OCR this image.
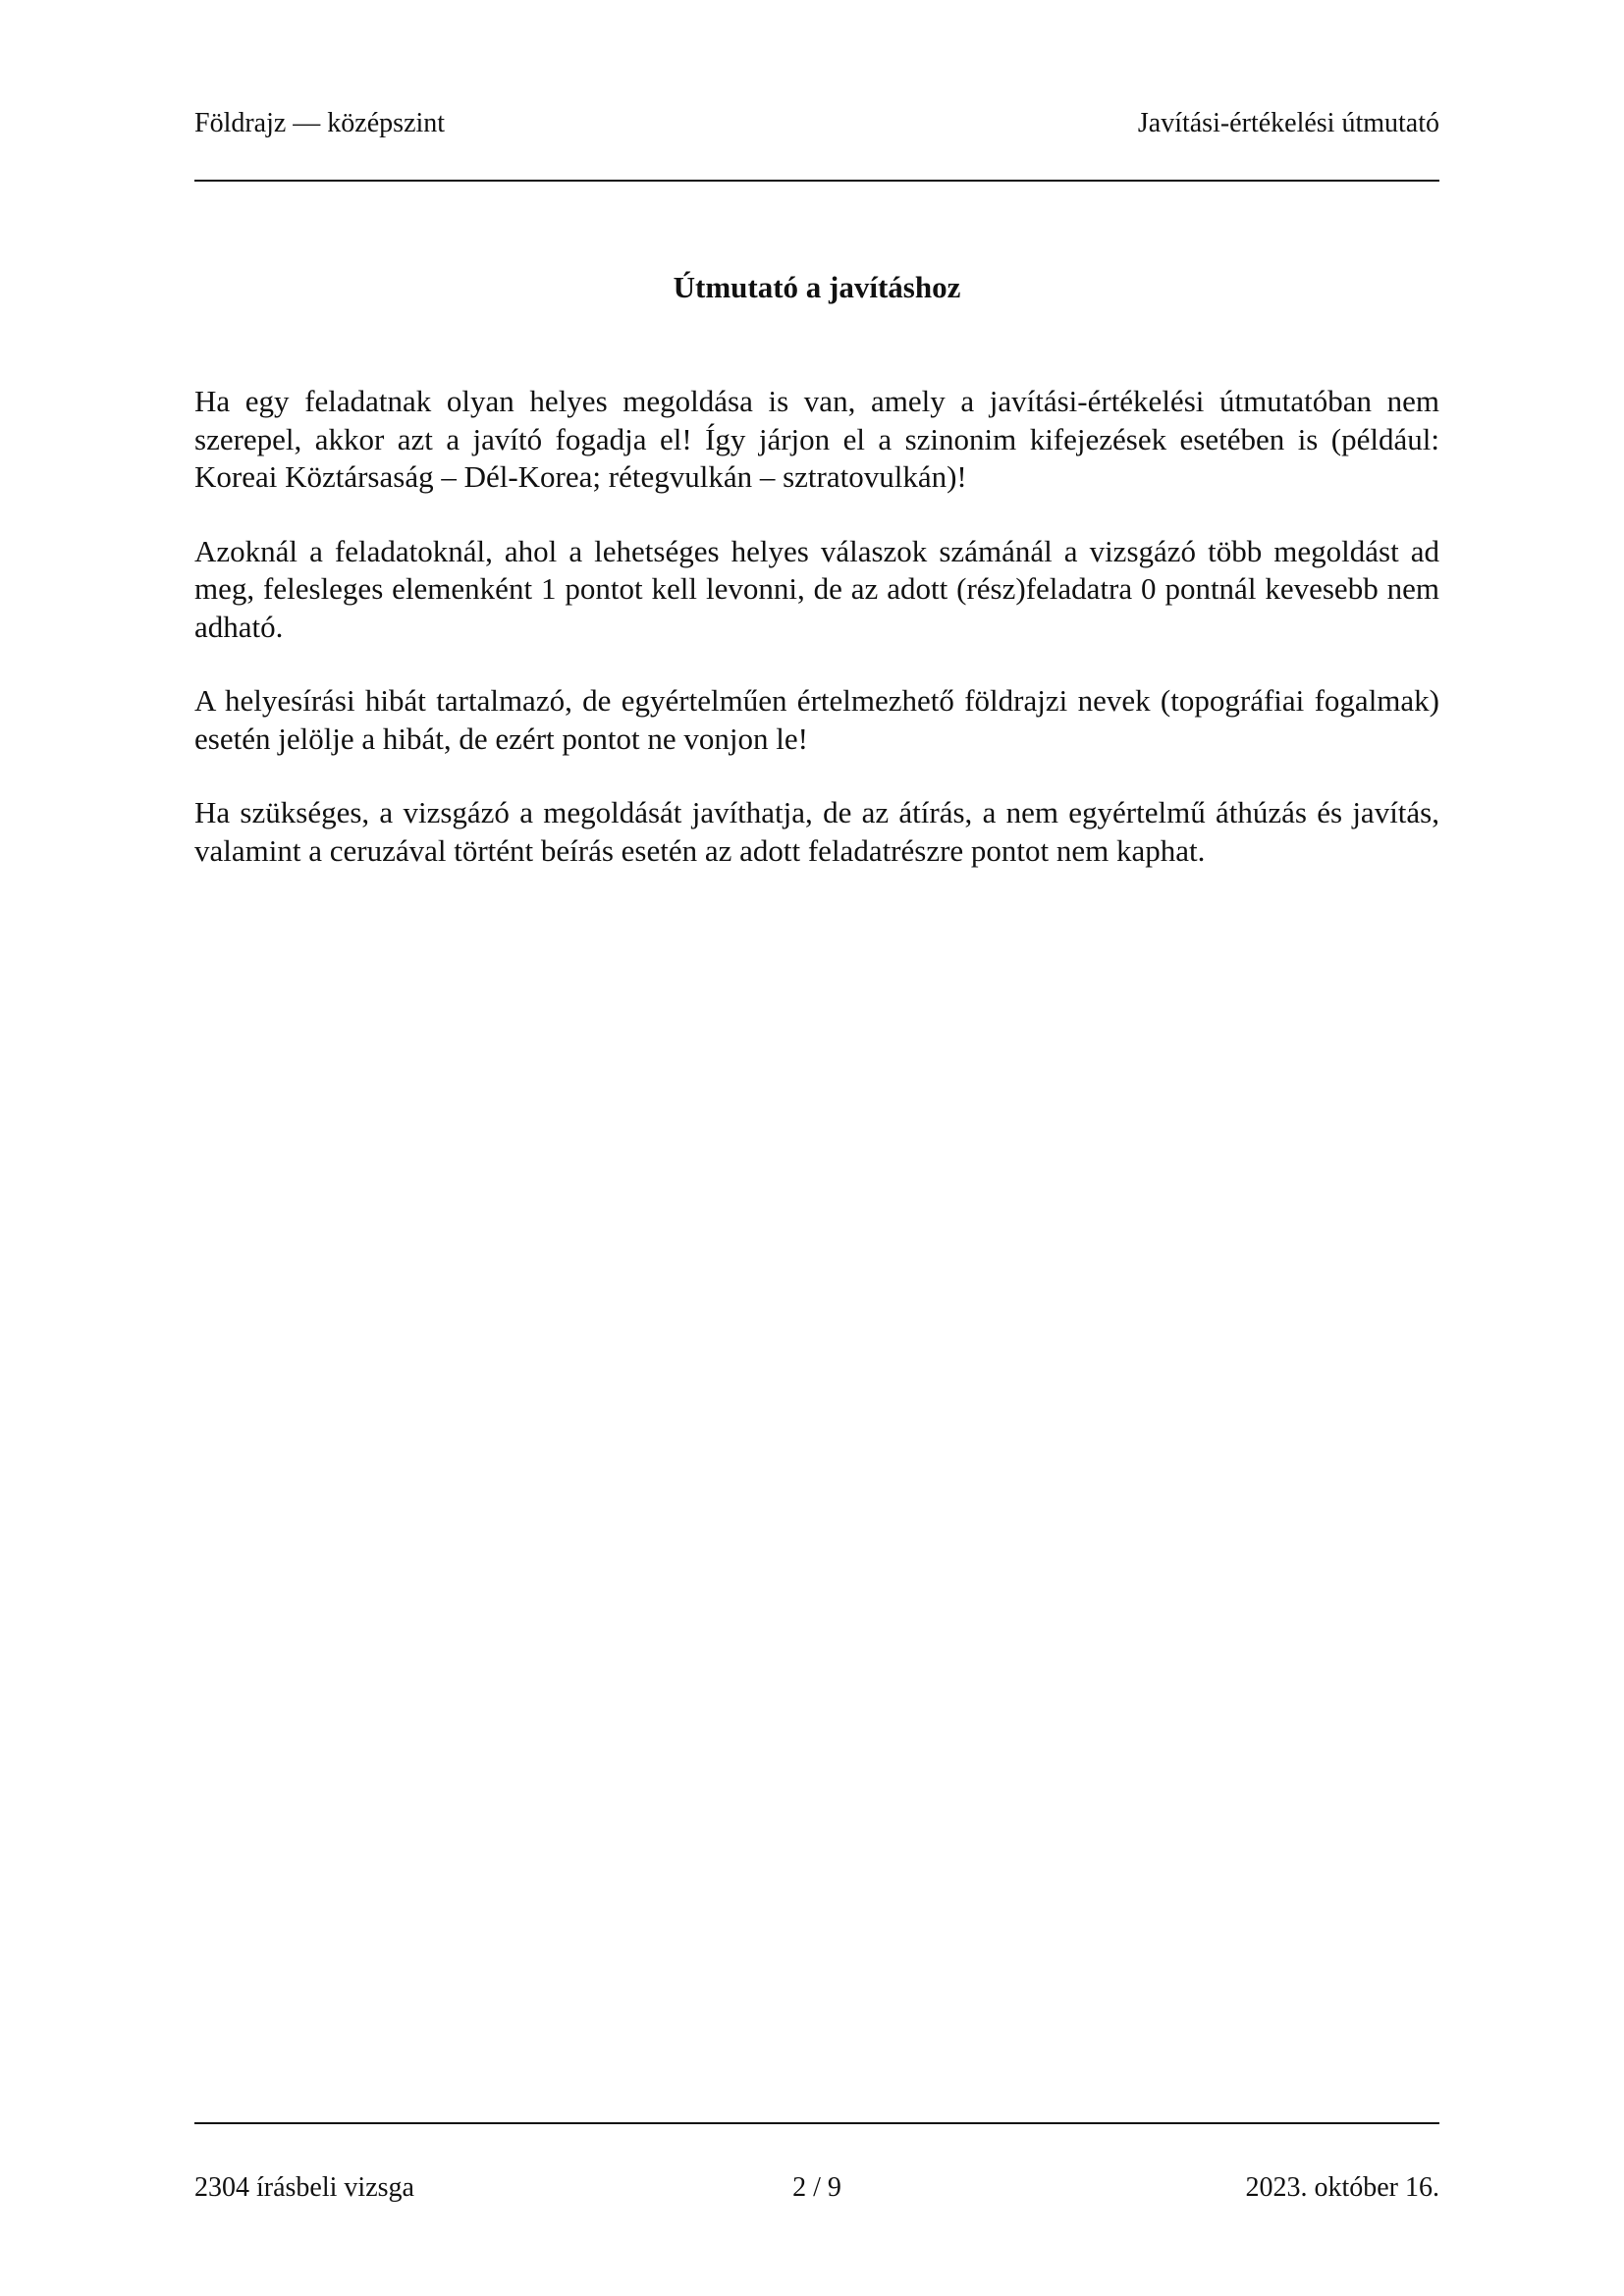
Földrajz — középszint	Javítási-értékelési útmutató
Útmutató a javításhoz

Ha egy feladatnak olyan helyes megoldása is van, amely a javítási-értékelési útmutatóban nem szerepel, akkor azt a javító fogadja el! Így járjon el a szinonim kifejezések esetében is (például: Koreai Köztársaság – Dél-Korea; rétegvulkán – sztratovulkán)!

Azoknál a feladatoknál, ahol a lehetséges helyes válaszok számánál a vizsgázó több megoldást ad meg, felesleges elemenként 1 pontot kell levonni, de az adott (rész)feladatra 0 pontnál kevesebb nem adható.

A helyesírási hibát tartalmazó, de egyértelműen értelmezhető földrajzi nevek (topográfiai fogalmak) esetén jelölje a hibát, de ezért pontot ne vonjon le!

Ha szükséges, a vizsgázó a megoldását javíthatja, de az átírás, a nem egyértelmű áthúzás és javítás, valamint a ceruzával történt beírás esetén az adott feladatrészre pontot nem kaphat.

2304 írásbeli vizsga	2 / 9	2023. október 16.
